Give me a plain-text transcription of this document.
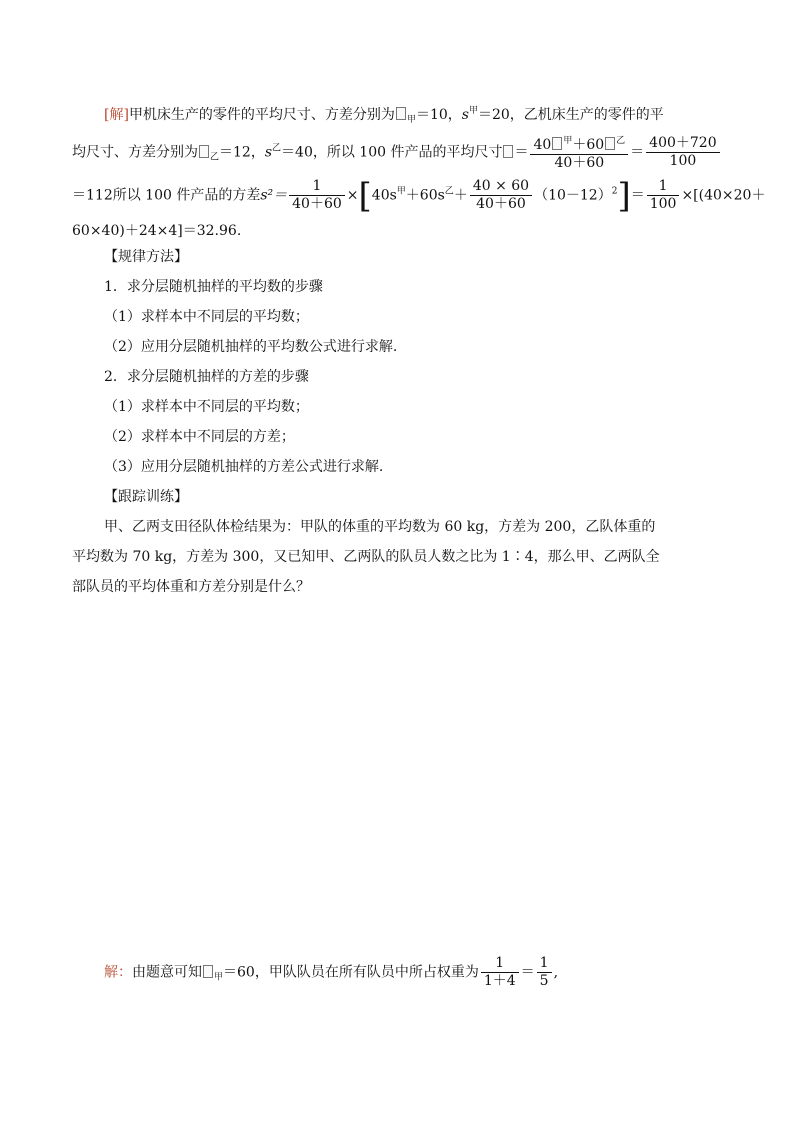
[解]甲机床生产的零件的平均尺寸、方差分别为 $_甲$＝10，$s^甲=20$，乙机床生产的零件的平
均尺寸、方差分别为 $_乙$＝12，$s^乙=40$，所以 100 件产品的平均尺寸 ＝ $\frac{40 ^甲+60 ^乙}{40+60} = \frac{400+720}{100}$
＝112所以 100 件产品的方差$s^2= \frac{1}{40+60} \times[40s^甲+60s^乙+ \frac{40 \times 60}{40+60} (10-12)^2]= \frac{1}{100} \times[(40\times 20+$
60×40)＋24×4]＝32.96.
【规律方法】
1．求分层随机抽样的平均数的步骤
（1）求样本中不同层的平均数；
（2）应用分层随机抽样的平均数公式进行求解.
2．求分层随机抽样的方差的步骤
（1）求样本中不同层的平均数；
（2）求样本中不同层的方差；
（3）应用分层随机抽样的方差公式进行求解.
【跟踪训练】
甲、乙两支田径队体检结果为：甲队的体重的平均数为 60 kg，方差为 200，乙队体重的
平均数为 70 kg，方差为 300，又已知甲、乙两队的队员人数之比为 1∶4，那么甲、乙两队全
部队员的平均体重和方差分别是什么？
解：由题意可知 $_甲$＝60，甲队队员在所有队员中所占权重为 $\frac{1}{1+4} = \frac{1}{5}$ ,
